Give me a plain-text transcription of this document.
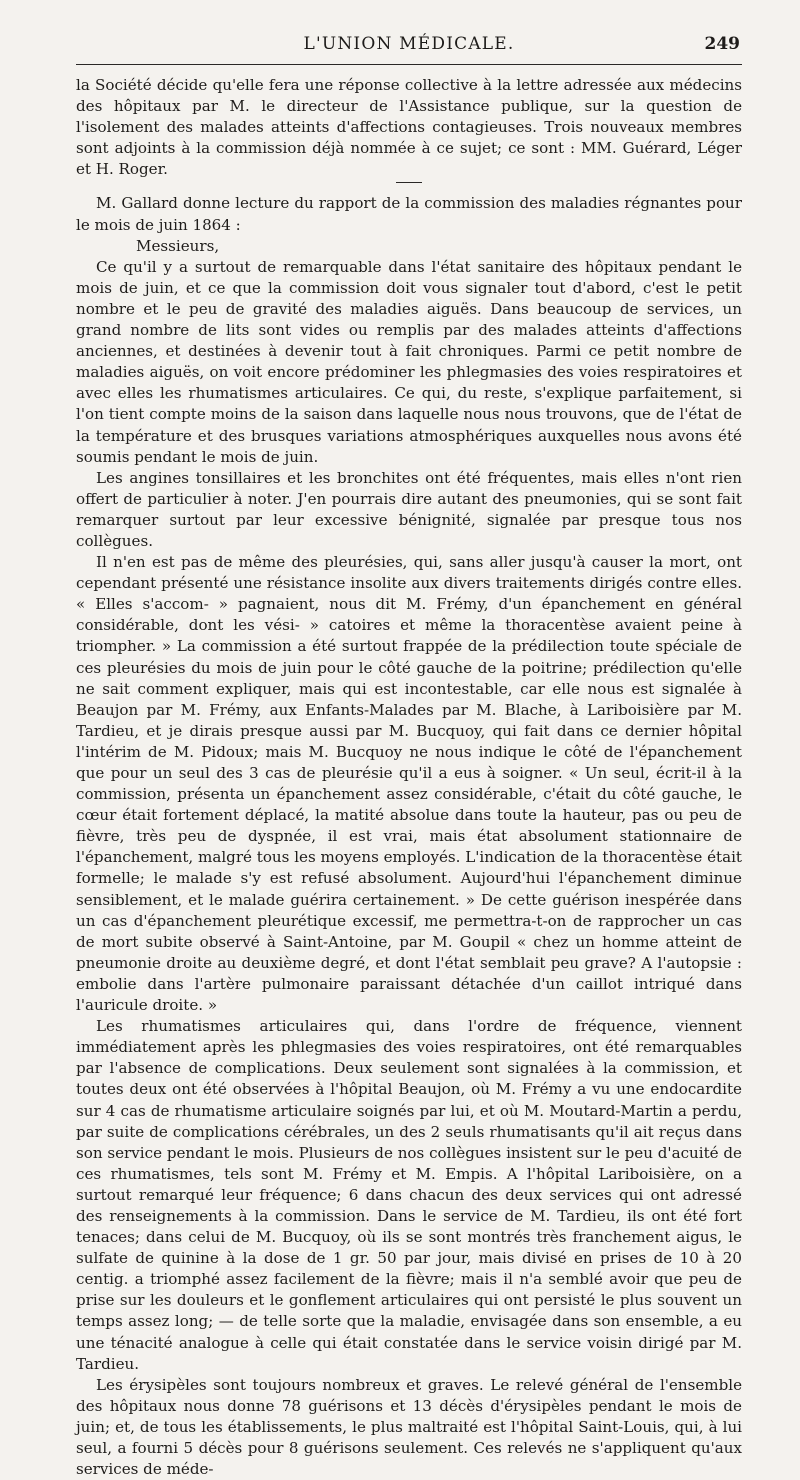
L'UNION MÉDICALE.	249

la Société décide qu'elle fera une réponse collective à la lettre adressée aux médecins des hôpitaux par M. le directeur de l'Assistance publique, sur la question de l'isolement des malades atteints d'affections contagieuses. Trois nouveaux membres sont adjoints à la commission déjà nommée à ce sujet; ce sont : MM. Guérard, Léger et H. Roger.

M. Gallard donne lecture du rapport de la commission des maladies régnantes pour le mois de juin 1864 :

Messieurs,

Ce qu'il y a surtout de remarquable dans l'état sanitaire des hôpitaux pendant le mois de juin, et ce que la commission doit vous signaler tout d'abord, c'est le petit nombre et le peu de gravité des maladies aiguës. Dans beaucoup de services, un grand nombre de lits sont vides ou remplis par des malades atteints d'affections anciennes, et destinées à devenir tout à fait chroniques. Parmi ce petit nombre de maladies aiguës, on voit encore prédominer les phlegmasies des voies respiratoires et avec elles les rhumatismes articulaires. Ce qui, du reste, s'explique parfaitement, si l'on tient compte moins de la saison dans laquelle nous nous trouvons, que de l'état de la température et des brusques variations atmosphériques auxquelles nous avons été soumis pendant le mois de juin.

Les angines tonsillaires et les bronchites ont été fréquentes, mais elles n'ont rien offert de particulier à noter. J'en pourrais dire autant des pneumonies, qui se sont fait remarquer surtout par leur excessive bénignité, signalée par presque tous nos collègues.

Il n'en est pas de même des pleurésies, qui, sans aller jusqu'à causer la mort, ont cependant présenté une résistance insolite aux divers traitements dirigés contre elles. « Elles s'accom- » pagnaient, nous dit M. Frémy, d'un épanchement en général considérable, dont les vési- » catoires et même la thoracentèse avaient peine à triompher. » La commission a été surtout frappée de la prédilection toute spéciale de ces pleurésies du mois de juin pour le côté gauche de la poitrine; prédilection qu'elle ne sait comment expliquer, mais qui est incontestable, car elle nous est signalée à Beaujon par M. Frémy, aux Enfants-Malades par M. Blache, à Lariboisière par M. Tardieu, et je dirais presque aussi par M. Bucquoy, qui fait dans ce dernier hôpital l'intérim de M. Pidoux; mais M. Bucquoy ne nous indique le côté de l'épanchement que pour un seul des 3 cas de pleurésie qu'il a eus à soigner. « Un seul, écrit-il à la commission, présenta un épanchement assez considérable, c'était du côté gauche, le cœur était fortement déplacé, la matité absolue dans toute la hauteur, pas ou peu de fièvre, très peu de dyspnée, il est vrai, mais état absolument stationnaire de l'épanchement, malgré tous les moyens employés. L'indication de la thoracentèse était formelle; le malade s'y est refusé absolument. Aujourd'hui l'épanchement diminue sensiblement, et le malade guérira certainement. » De cette guérison inespérée dans un cas d'épanchement pleurétique excessif, me permettra-t-on de rapprocher un cas de mort subite observé à Saint-Antoine, par M. Goupil « chez un homme atteint de pneumonie droite au deuxième degré, et dont l'état semblait peu grave? A l'autopsie : embolie dans l'artère pulmonaire paraissant détachée d'un caillot intriqué dans l'auricule droite. »

Les rhumatismes articulaires qui, dans l'ordre de fréquence, viennent immédiatement après les phlegmasies des voies respiratoires, ont été remarquables par l'absence de complications. Deux seulement sont signalées à la commission, et toutes deux ont été observées à l'hôpital Beaujon, où M. Frémy a vu une endocardite sur 4 cas de rhumatisme articulaire soignés par lui, et où M. Moutard-Martin a perdu, par suite de complications cérébrales, un des 2 seuls rhumatisants qu'il ait reçus dans son service pendant le mois. Plusieurs de nos collègues insistent sur le peu d'acuité de ces rhumatismes, tels sont M. Frémy et M. Empis. A l'hôpital Lariboisière, on a surtout remarqué leur fréquence; 6 dans chacun des deux services qui ont adressé des renseignements à la commission. Dans le service de M. Tardieu, ils ont été fort tenaces; dans celui de M. Bucquoy, où ils se sont montrés très franchement aigus, le sulfate de quinine à la dose de 1 gr. 50 par jour, mais divisé en prises de 10 à 20 centig. a triomphé assez facilement de la fièvre; mais il n'a semblé avoir que peu de prise sur les douleurs et le gonflement articulaires qui ont persisté le plus souvent un temps assez long; — de telle sorte que la maladie, envisagée dans son ensemble, a eu une ténacité analogue à celle qui était constatée dans le service voisin dirigé par M. Tardieu.

Les érysipèles sont toujours nombreux et graves. Le relevé général de l'ensemble des hôpitaux nous donne 78 guérisons et 13 décès d'érysipèles pendant le mois de juin; et, de tous les établissements, le plus maltraité est l'hôpital Saint-Louis, qui, à lui seul, a fourni 5 décès pour 8 guérisons seulement. Ces relevés ne s'appliquent qu'aux services de méde-
